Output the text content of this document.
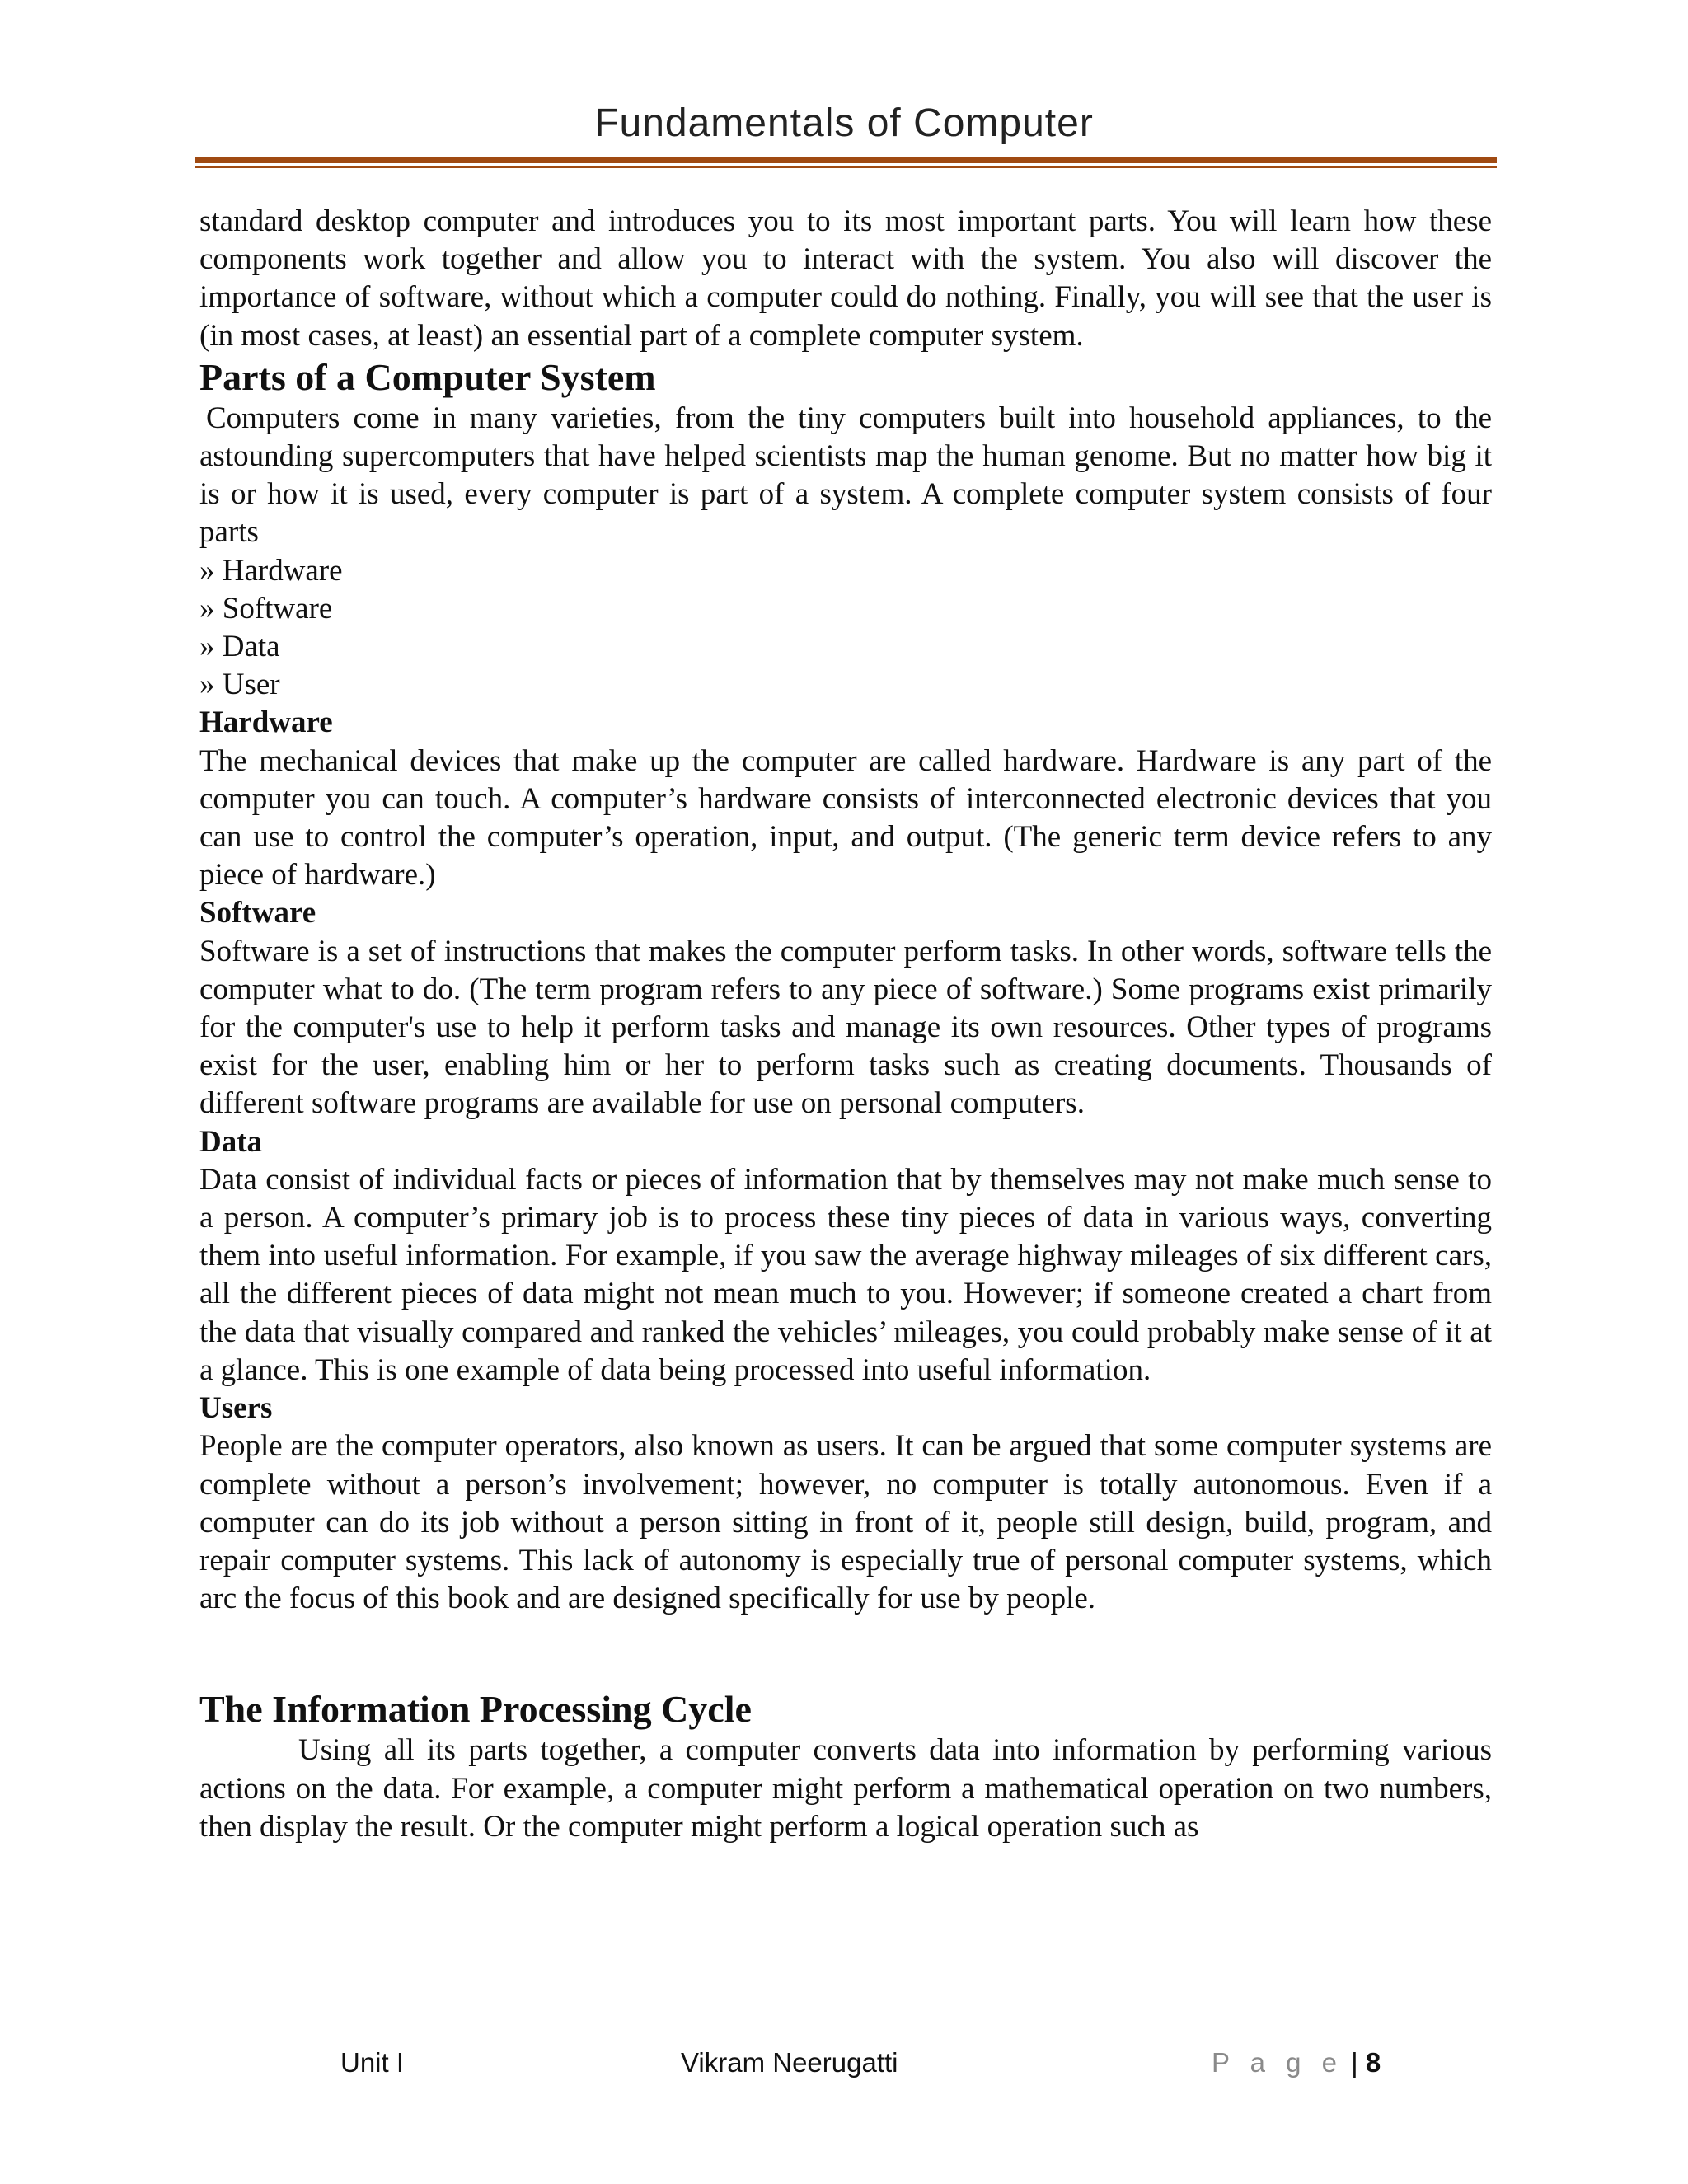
Fundamentals of Computer

standard desktop computer and introduces you to its most important parts. You will learn how these components work together and allow you to interact with the system. You also will discover the importance of software, without which a computer could do nothing. Finally, you will see that the user is (in most cases, at least) an essential part of a complete computer system.

Parts of a Computer System

Computers come in many varieties, from the tiny computers built into household appliances, to the astounding supercomputers that have helped scientists map the human genome. But no matter how big it is or how it is used, every computer is part of a system. A complete computer system consists of four parts

» Hardware

» Software

» Data

» User

Hardware

The mechanical devices that make up the computer are called hardware. Hardware is any part of the computer you can touch. A computer’s hardware consists of interconnected electronic devices that you can use to control the computer’s operation, input, and output. (The generic term device refers to any piece of hardware.)

Software

Software is a set of instructions that makes the computer perform tasks. In other words, software tells the computer what to do. (The term program refers to any piece of software.) Some programs exist primarily for the computer's use to help it perform tasks and manage its own resources. Other types of programs exist for the user, enabling him or her to perform tasks such as creating documents. Thousands of different software programs are available for use on personal computers.

Data

Data consist of individual facts or pieces of information that by themselves may not make much sense to a person. A computer’s primary job is to process these tiny pieces of data in various ways, converting them into useful information. For example, if you saw the average highway mileages of six different cars, all the different pieces of data might not mean much to you. However; if someone created a chart from the data that visually compared and ranked the vehicles’ mileages, you could probably make sense of it at a glance. This is one example of data being processed into useful information.

Users

People are the computer operators, also known as users. It can be argued that some computer systems are complete without a person’s involvement; however, no computer is totally autonomous. Even if a computer can do its job without a person sitting in front of it, people still design, build, program, and repair computer systems. This lack of autonomy is especially true of personal computer systems, which arc the focus of this book and are designed specifically for use by people.

The Information Processing Cycle

Using all its parts together, a computer converts data into information by performing various actions on the data. For example, a computer might perform a mathematical operation on two numbers, then display the result. Or the computer might perform a logical operation such as

Unit I	Vikram Neerugatti	P a g e | 8
